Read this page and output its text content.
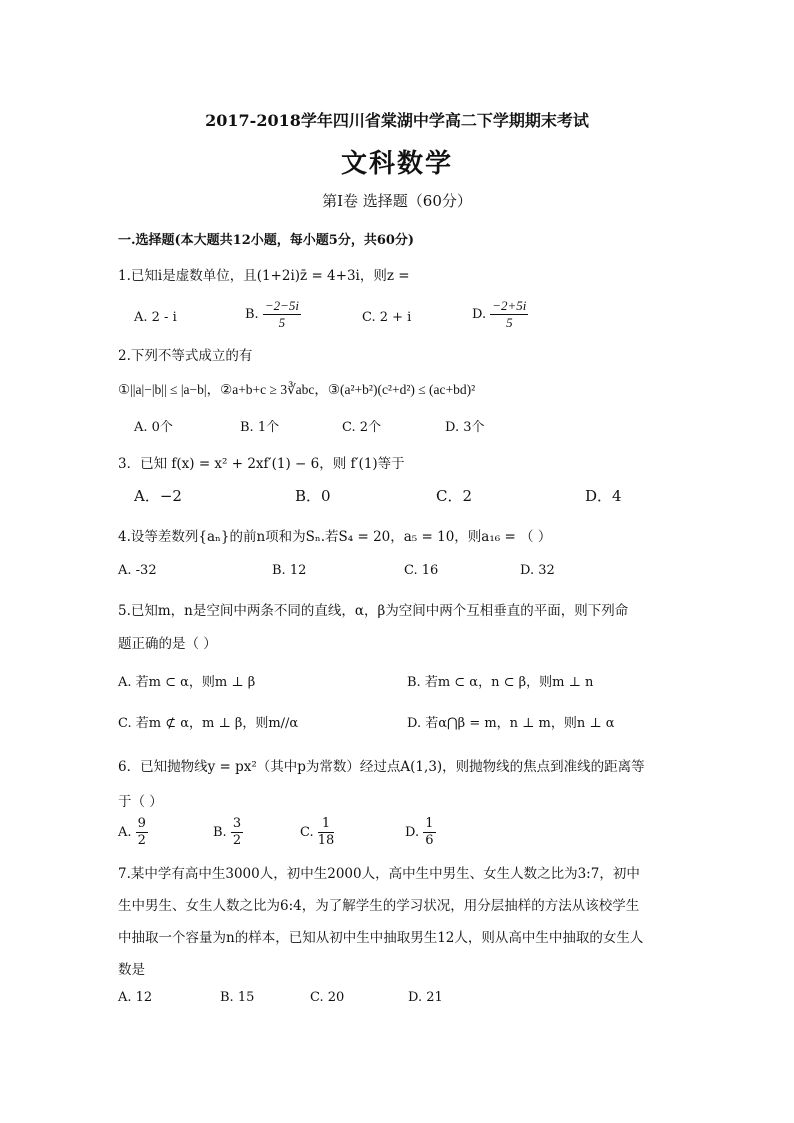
2017-2018学年四川省棠湖中学高二下学期期末考试
文科数学
第Ⅰ卷 选择题（60分）
一.选择题(本大题共12小题，每小题5分，共60分)
1.已知i是虚数单位，且(1+2i)z̄ = 4+3i，则z =
A. 2 - i	B. $\frac{-2-5i}{5}$	C. 2 + i	D. $\frac{-2+5i}{5}$
2.下列不等式成立的有
①||a|−|b|| ≤ |a−b|，②a+b+c ≥ 3∛abc，③(a²+b²)(c²+d²) ≤ (ac+bd)²
A. 0个	B. 1个	C. 2个	D. 3个
3．已知 f(x) = x² + 2xf′(1) − 6，则 f′(1)等于
A．−2	B．0	C．2	D．4
4.设等差数列{aₙ}的前n项和为Sₙ.若S₄ = 20，a₅ = 10，则a₁₆ = （ ）
A. -32	B. 12	C. 16	D. 32
5.已知m，n是空间中两条不同的直线，α，β为空间中两个互相垂直的平面，则下列命
题正确的是（ ）
A. 若m ⊂ α，则m ⊥ β	B. 若m ⊂ α，n ⊂ β，则m ⊥ n
C. 若m ⊄ α，m ⊥ β，则m//α	D. 若α⋂β = m，n ⊥ m，则n ⊥ α
6．已知抛物线y = px²（其中p为常数）经过点A(1,3)，则抛物线的焦点到准线的距离等
于（ ）
A. $\frac{9}{2}$	B. $\frac{3}{2}$	C. $\frac{1}{18}$	D. $\frac{1}{6}$
7.某中学有高中生3000人，初中生2000人，高中生中男生、女生人数之比为3:7，初中
生中男生、女生人数之比为6:4，为了解学生的学习状况，用分层抽样的方法从该校学生
中抽取一个容量为n的样本，已知从初中生中抽取男生12人，则从高中生中抽取的女生人
数是
A. 12	B. 15	C. 20	D. 21
